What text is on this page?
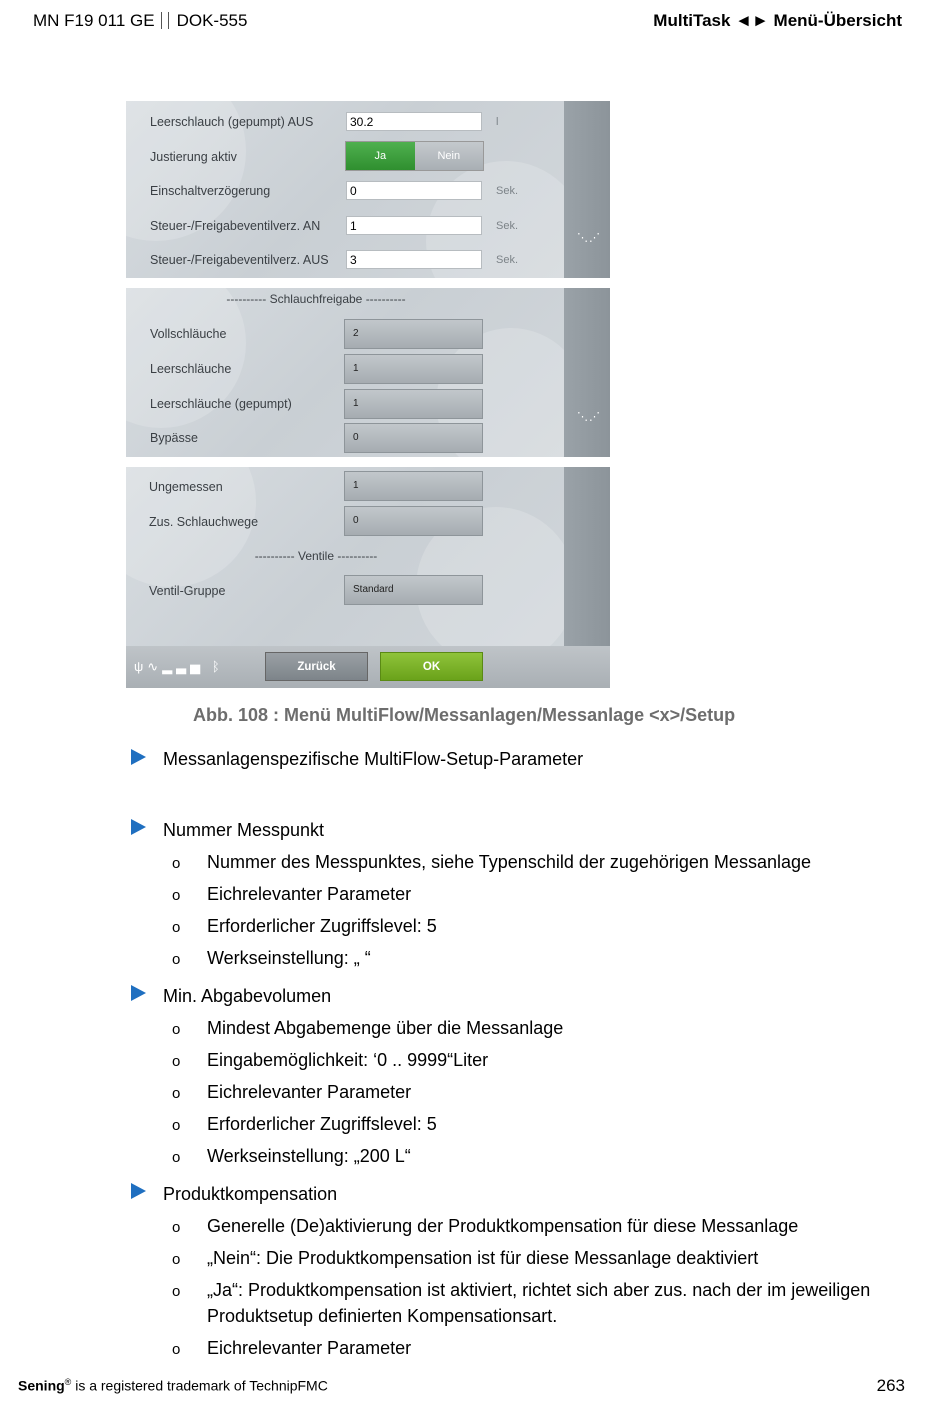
MN F19 011 GE DOK-555	MultiTask ◄► Menü-Übersicht
Leerschlauch (gepumpt) AUS	30.2	l
Justierung aktiv	Ja	Nein
Einschaltverzögerung	0	Sek.
Steuer-/Freigabeventilverz. AN	1	Sek.
Steuer-/Freigabeventilverz. AUS	3	Sek.
⋱⋰
---------- Schlauchfreigabe ----------
Vollschläuche	2
Leerschläuche	1
Leerschläuche (gepumpt)	1
Bypässe	0
⋱⋰
Ungemessen	1
Zus. Schlauchwege	0
---------- Ventile ----------
Ventil-Gruppe	Standard
ψ∿▂▃▅ ᛒ	Zurück	OK
Abb. 108 : Menü MultiFlow/Messanlagen/Messanlage <x>/Setup
Messanlagenspezifische MultiFlow-Setup-Parameter
Nummer Messpunkt
o Nummer des Messpunktes, siehe Typenschild der zugehörigen Messanlage
o Eichrelevanter Parameter
o Erforderlicher Zugriffslevel: 5
o Werkseinstellung: „ “
Min. Abgabevolumen
o Mindest Abgabemenge über die Messanlage
o Eingabemöglichkeit: ‘0 .. 9999“Liter
o Eichrelevanter Parameter
o Erforderlicher Zugriffslevel: 5
o Werkseinstellung: „200 L“
Produktkompensation
o Generelle (De)aktivierung der Produktkompensation für diese Messanlage
o „Nein“: Die Produktkompensation ist für diese Messanlage deaktiviert
o „Ja“: Produktkompensation ist aktiviert, richtet sich aber zus. nach der im jeweiligen
Produktsetup definierten Kompensationsart.
o Eichrelevanter Parameter
Sening® is a registered trademark of TechnipFMC	263
